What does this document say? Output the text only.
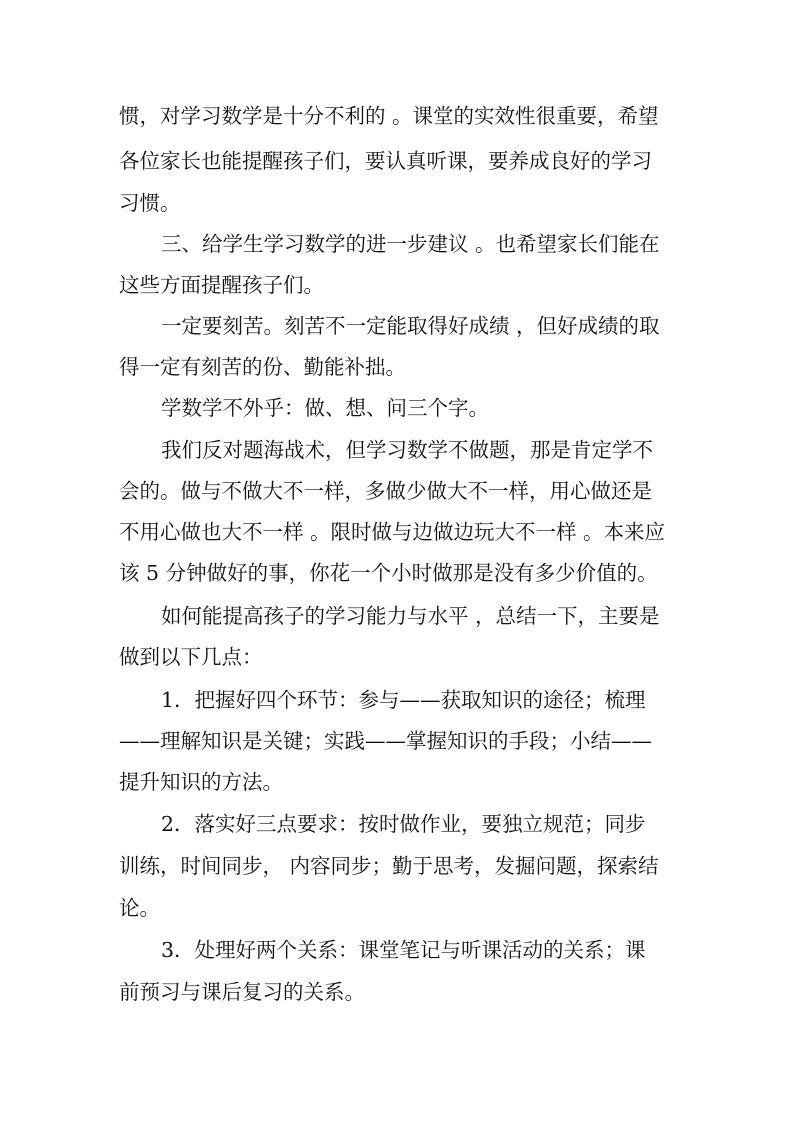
惯，对学习数学是十分不利的 。课堂的实效性很重要，希望
各位家长也能提醒孩子们，要认真听课，要养成良好的学习
习惯。
三、给学生学习数学的进一步建议 。也希望家长们能在
这些方面提醒孩子们。
一定要刻苦。刻苦不一定能取得好成绩 ，但好成绩的取
得一定有刻苦的份、勤能补拙。
学数学不外乎：做、想、问三个字。
我们反对题海战术，但学习数学不做题，那是肯定学不
会的。做与不做大不一样，多做少做大不一样，用心做还是
不用心做也大不一样 。限时做与边做边玩大不一样 。本来应
该 5 分钟做好的事，你花一个小时做那是没有多少价值的。
如何能提高孩子的学习能力与水平 ，总结一下，主要是
做到以下几点：
1．把握好四个环节：参与——获取知识的途径；梳理
——理解知识是关键；实践——掌握知识的手段；小结——
提升知识的方法。
2．落实好三点要求：按时做作业，要独立规范；同步
训练，时间同步， 内容同步；勤于思考，发掘问题，探索结
论。
3．处理好两个关系：课堂笔记与听课活动的关系；课
前预习与课后复习的关系。
